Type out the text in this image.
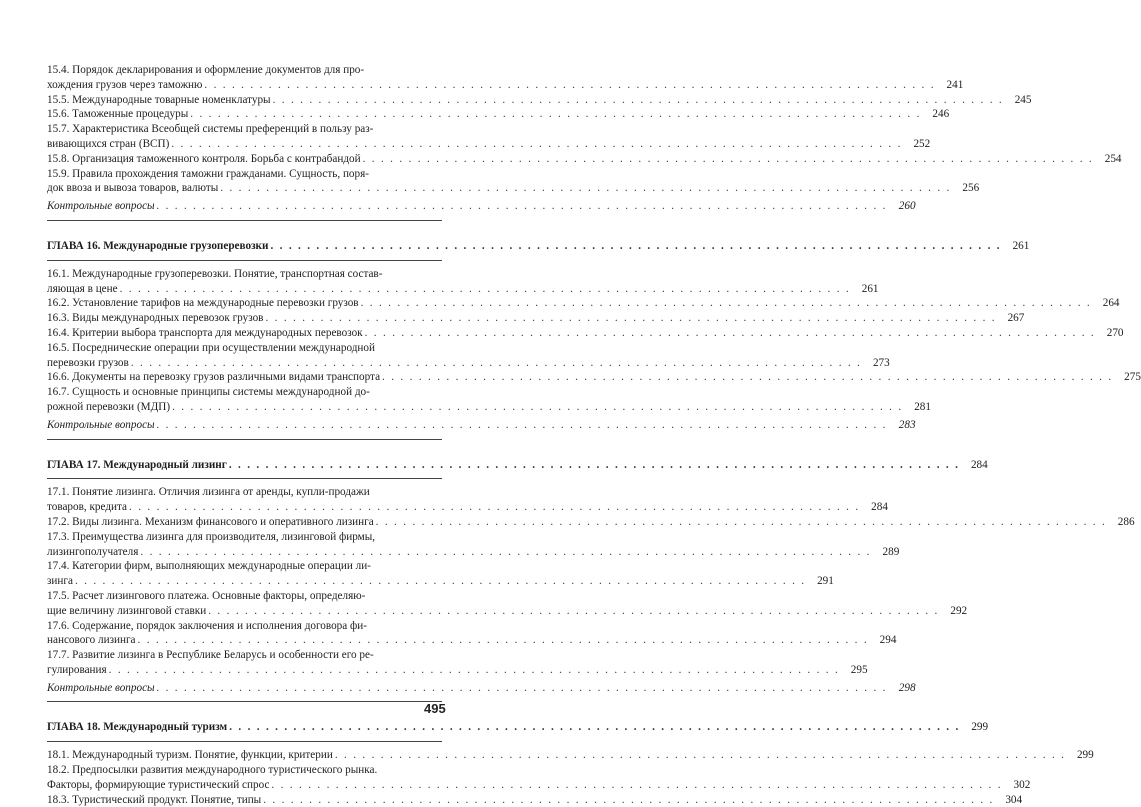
15.4. Порядок декларирования и оформление документов для про-
хождения грузов через таможню . . .	241
15.5. Международные товарные номенклатуры . . .	245
15.6. Таможенные процедуры . . .	246
15.7. Характеристика Всеобщей системы преференций в пользу раз-
вивающихся стран (ВСП) . . .	252
15.8. Организация таможенного контроля. Борьба с контрабандой . . .	254
15.9. Правила прохождения таможни гражданами. Сущность, поря-
док ввоза и вывоза товаров, валюты . . .	256
Контрольные вопросы . . .	260
ГЛАВА 16. Международные грузоперевозки . . .	261
16.1. Международные грузоперевозки. Понятие, транспортная состав-
ляющая в цене . . .	261
16.2. Установление тарифов на международные перевозки грузов . . .	264
16.3. Виды международных перевозок грузов . . .	267
16.4. Критерии выбора транспорта для международных перевозок . . .	270
16.5. Посреднические операции при осуществлении международной
перевозки грузов . . .	273
16.6. Документы на перевозку грузов различными видами транспорта . . .	275
16.7. Сущность и основные принципы системы международной до-
рожной перевозки (МДП) . . .	281
Контрольные вопросы . . .	283
ГЛАВА 17. Международный лизинг . . .	284
17.1. Понятие лизинга. Отличия лизинга от аренды, купли-продажи
товаров, кредита . . .	284
17.2. Виды лизинга. Механизм финансового и оперативного лизинга . . .	286
17.3. Преимущества лизинга для производителя, лизинговой фирмы,
лизингополучателя . . .	289
17.4. Категории фирм, выполняющих международные операции ли-
зинга . . .	291
17.5. Расчет лизингового платежа. Основные факторы, определяю-
щие величину лизинговой ставки . . .	292
17.6. Содержание, порядок заключения и исполнения договора фи-
нансового лизинга . . .	294
17.7. Развитие лизинга в Республике Беларусь и особенности его ре-
гулирования . . .	295
Контрольные вопросы . . .	298
ГЛАВА 18. Международный туризм . . .	299
18.1. Международный туризм. Понятие, функции, критерии . . .	299
18.2. Предпосылки развития международного туристического рынка.
Факторы, формирующие туристический спрос . . .	302
18.3. Туристический продукт. Понятие, типы . . .	304
495
